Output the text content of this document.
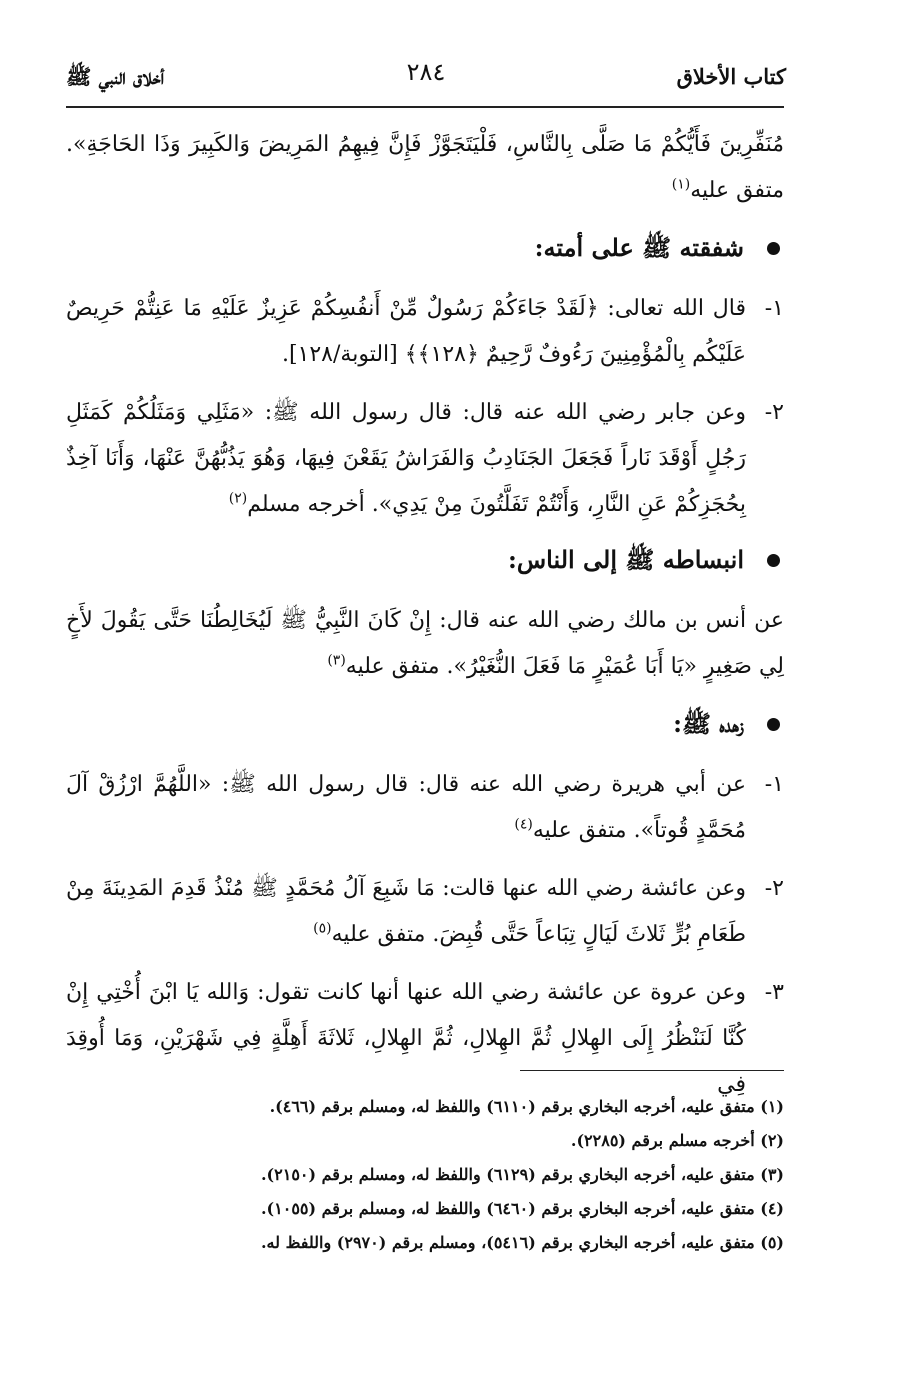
كتاب الأخلاق
٢٨٤
أخلاق النبي ﷺ

مُنَفِّرِينَ فَأَيُّكُمْ مَا صَلَّى بِالنَّاسِ، فَلْيَتَجَوَّزْ فَإِنَّ فِيهِمُ المَرِيضَ وَالكَبِيرَ وَذَا الحَاجَةِ». متفق عليه$^{(١)}$

شفقته ﷺ على أمته:
١-
قال الله تعالى: ﴿لَقَدْ جَاءَكُمْ رَسُولٌ مِّنْ أَنفُسِكُمْ عَزِيزٌ عَلَيْهِ مَا عَنِتُّمْ حَرِيصٌ عَلَيْكُم بِالْمُؤْمِنِينَ رَءُوفٌ رَّحِيمٌ ﴿١٢٨﴾﴾ [التوبة/١٢٨].
٢-
وعن جابر رضي الله عنه قال: قال رسول الله ﷺ: «مَثَلِي وَمَثَلُكُمْ كَمَثَلِ رَجُلٍ أَوْقَدَ نَاراً فَجَعَلَ الجَنَادِبُ وَالفَرَاشُ يَقَعْنَ فِيهَا، وَهُوَ يَذُبُّهُنَّ عَنْهَا، وَأَنَا آخِذٌ بِحُجَزِكُمْ عَنِ النَّارِ، وَأَنْتُمْ تَفَلَّتُونَ مِنْ يَدِي». أخرجه مسلم$^{(٢)}$
انبساطه ﷺ إلى الناس:

عن أنس بن مالك رضي الله عنه قال: إِنْ كَانَ النَّبِيُّ ﷺ لَيُخَالِطُنَا حَتَّى يَقُولَ لأَخٍ لِي صَغِيرٍ «يَا أَبَا عُمَيْرٍ مَا فَعَلَ النُّغَيْرُ». متفق عليه$^{(٣)}$

زهده ﷺ:
١-
عن أبي هريرة رضي الله عنه قال: قال رسول الله ﷺ: «اللَّهُمَّ ارْزُقْ آلَ مُحَمَّدٍ قُوتاً». متفق عليه$^{(٤)}$
٢-
وعن عائشة رضي الله عنها قالت: مَا شَبِعَ آلُ مُحَمَّدٍ ﷺ مُنْذُ قَدِمَ المَدِينَةَ مِنْ طَعَامِ بُرٍّ ثَلاثَ لَيَالٍ تِبَاعاً حَتَّى قُبِضَ. متفق عليه$^{(٥)}$
٣-
وعن عروة عن عائشة رضي الله عنها أنها كانت تقول: وَالله يَا ابْنَ أُخْتِي إِنْ كُنَّا لَنَنْظُرُ إِلَى الهِلالِ ثُمَّ الهِلالِ، ثُمَّ الهِلالِ، ثَلاثَةَ أَهِلَّةٍ فِي شَهْرَيْنِ، وَمَا أُوقِدَ فِي
(١) متفق عليه، أخرجه البخاري برقم (٦١١٠) واللفظ له، ومسلم برقم (٤٦٦).
(٢) أخرجه مسلم برقم (٢٢٨٥).
(٣) متفق عليه، أخرجه البخاري برقم (٦١٢٩) واللفظ له، ومسلم برقم (٢١٥٠).
(٤) متفق عليه، أخرجه البخاري برقم (٦٤٦٠) واللفظ له، ومسلم برقم (١٠٥٥).
(٥) متفق عليه، أخرجه البخاري برقم (٥٤١٦)، ومسلم برقم (٢٩٧٠) واللفظ له.
